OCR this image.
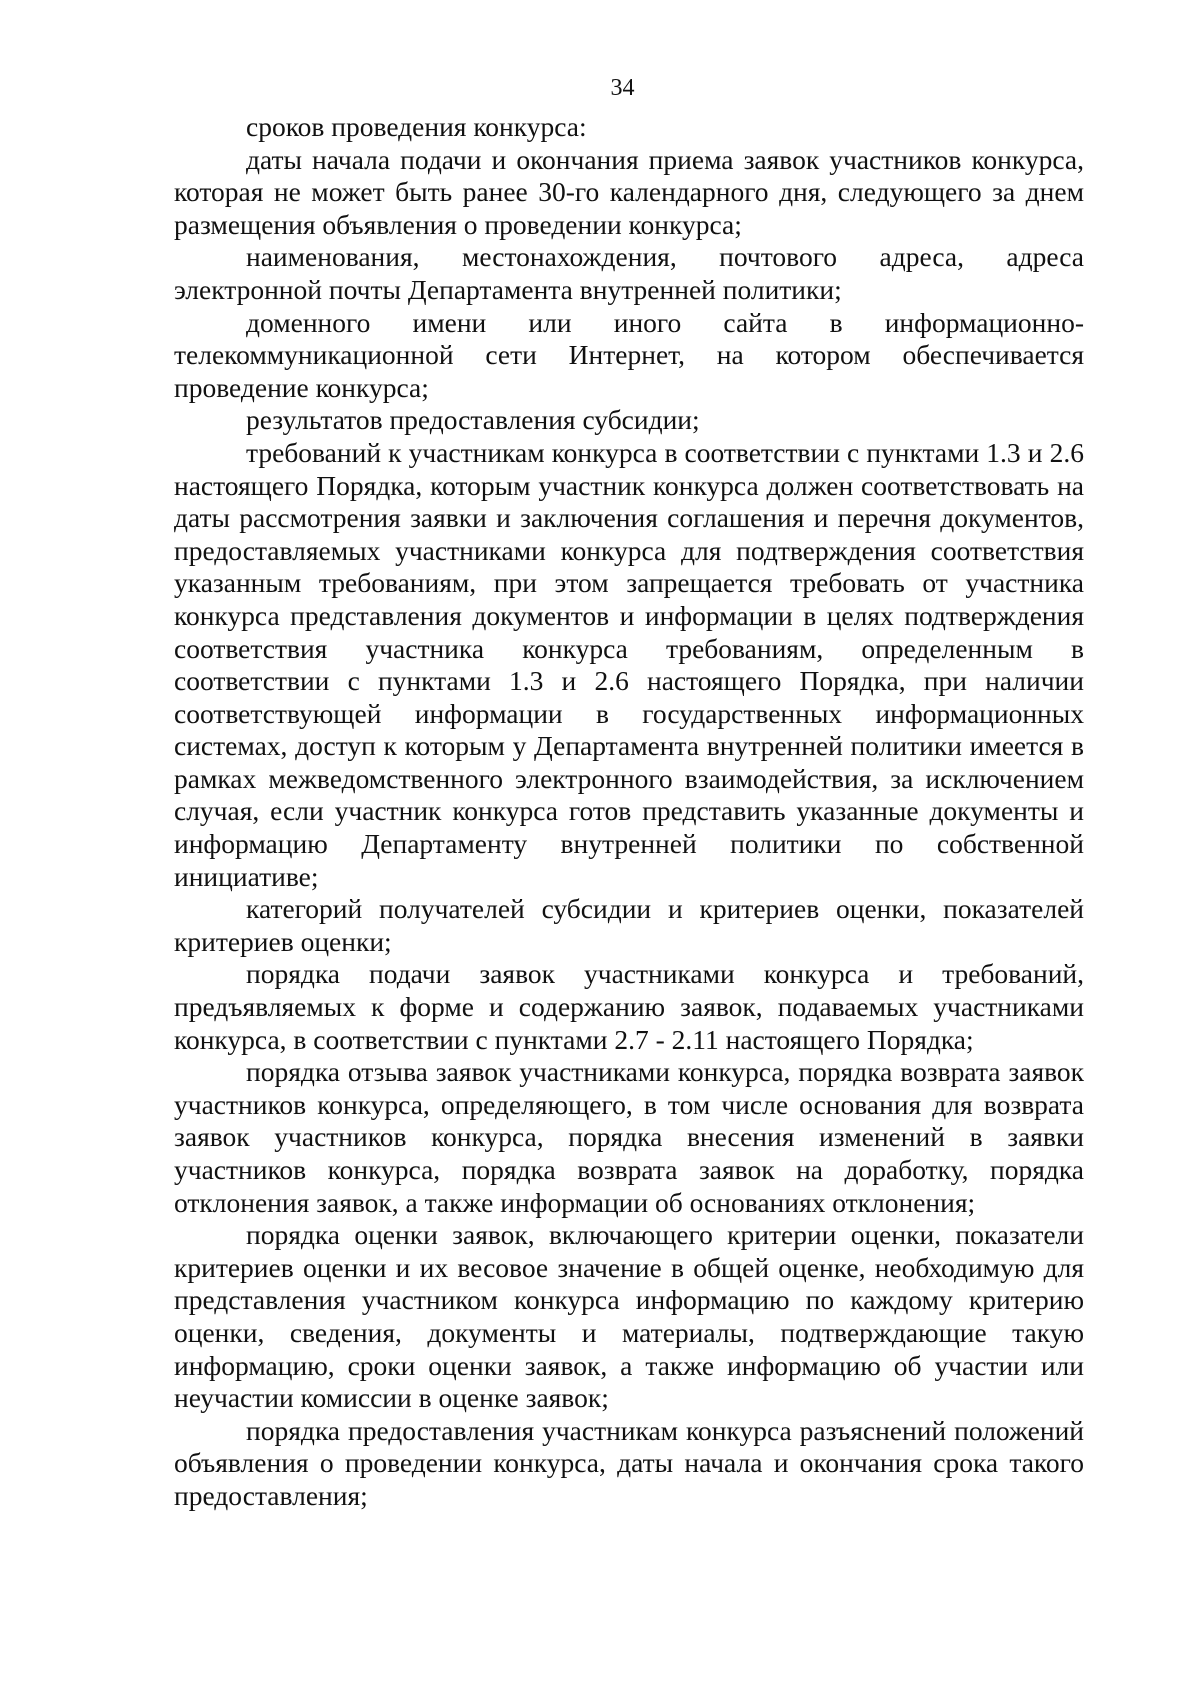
34

сроков проведения конкурса:

даты начала подачи и окончания приема заявок участников конкурса, которая не может быть ранее 30-го календарного дня, следующего за днем размещения объявления о проведении конкурса;

наименования, местонахождения, почтового адреса, адреса электронной почты Департамента внутренней политики;

доменного имени или иного сайта в информационно-телекоммуникационной сети Интернет, на котором обеспечивается проведение конкурса;

результатов предоставления субсидии;

требований к участникам конкурса в соответствии с пунктами 1.3 и 2.6 настоящего Порядка, которым участник конкурса должен соответствовать на даты рассмотрения заявки и заключения соглашения и перечня документов, предоставляемых участниками конкурса для подтверждения соответствия указанным требованиям, при этом запрещается требовать от участника конкурса представления документов и информации в целях подтверждения соответствия участника конкурса требованиям, определенным в соответствии с пунктами 1.3 и 2.6 настоящего Порядка, при наличии соответствующей информации в государственных информационных системах, доступ к которым у Департамента внутренней политики имеется в рамках межведомственного электронного взаимодействия, за исключением случая, если участник конкурса готов представить указанные документы и информацию Департаменту внутренней политики по собственной инициативе;

категорий получателей субсидии и критериев оценки, показателей критериев оценки;

порядка подачи заявок участниками конкурса и требований, предъявляемых к форме и содержанию заявок, подаваемых участниками конкурса, в соответствии с пунктами 2.7 - 2.11 настоящего Порядка;

порядка отзыва заявок участниками конкурса, порядка возврата заявок участников конкурса, определяющего, в том числе основания для возврата заявок участников конкурса, порядка внесения изменений в заявки участников конкурса, порядка возврата заявок на доработку, порядка отклонения заявок, а также информации об основаниях отклонения;

порядка оценки заявок, включающего критерии оценки, показатели критериев оценки и их весовое значение в общей оценке, необходимую для представления участником конкурса информацию по каждому критерию оценки, сведения, документы и материалы, подтверждающие такую информацию, сроки оценки заявок, а также информацию об участии или неучастии комиссии в оценке заявок;

порядка предоставления участникам конкурса разъяснений положений объявления о проведении конкурса, даты начала и окончания срока такого предоставления;
